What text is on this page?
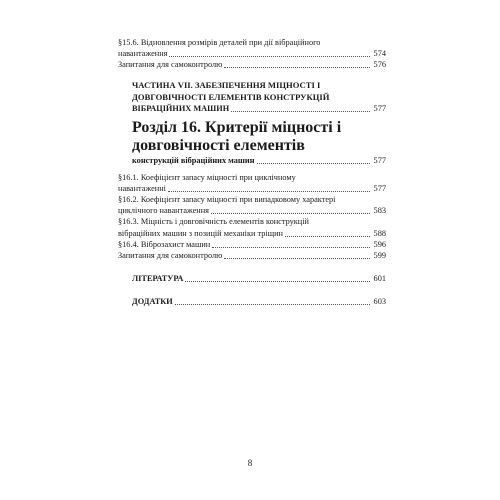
§15.6. Відновлення розмірів деталей при дії вібраційного
навантаження	574
Запитання для самоконтролю	576
ЧАСТИНА VII. ЗАБЕЗПЕЧЕННЯ МІЦНОСТІ І
ДОВГОВІЧНОСТІ ЕЛЕМЕНТІВ КОНСТРУКЦІЙ
ВІБРАЦІЙНИХ МАШИН	577
Розділ 16. Критерії міцності і довговічності елементів
конструкцій вібраційних машин	577
§16.1. Коефіцієнт запасу міцності при циклічному
навантаженні	577
§16.2. Коефіцієнт запасу міцності при випадковому характері
циклічного навантаження	583
§16.3. Міцність і довговічність елементів конструкцій
вібраційних машин з позицій механіки тріщин	588
§16.4. Віброзахист машин	596
Запитання для самоконтролю	599
ЛІТЕРАТУРА	601
ДОДАТКИ	603
8
